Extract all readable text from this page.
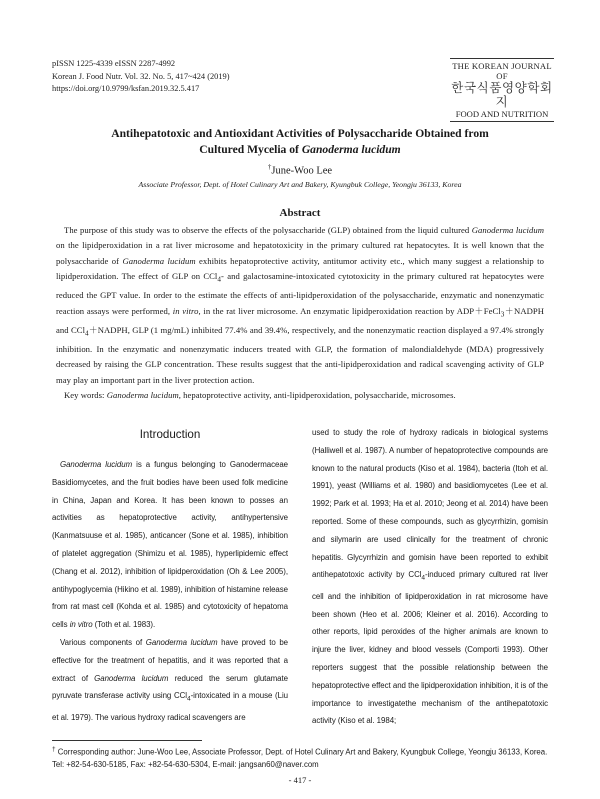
pISSN 1225-4339 eISSN 2287-4992
Korean J. Food Nutr. Vol. 32. No. 5, 417~424 (2019)
https://doi.org/10.9799/ksfan.2019.32.5.417
THE KOREAN JOURNAL OF
한국식품영양학회지
FOOD AND NUTRITION
Antihepatotoxic and Antioxidant Activities of Polysaccharide Obtained from
Cultured Mycelia of Ganoderma lucidum
†June-Woo Lee
Associate Professor, Dept. of Hotel Culinary Art and Bakery, Kyungbuk College, Yeongju 36133, Korea
Abstract

The purpose of this study was to observe the effects of the polysaccharide (GLP) obtained from the liquid cultured Ganoderma lucidum on the lipidperoxidation in a rat liver microsome and hepatotoxicity in the primary cultured rat hepatocytes. It is well known that the polysaccharide of Ganoderma lucidum exhibits hepatoprotective activity, antitumor activity etc., which many suggest a relationship to lipidperoxidation. The effect of GLP on CCl$_4$- and galactosamine-intoxicated cytotoxicity in the primary cultured rat hepatocytes were reduced the GPT value. In order to the estimate the effects of anti-lipidperoxidation of the polysaccharide, enzymatic and nonenzymatic reaction assays were performed, in vitro, in the rat liver microsome. An enzymatic lipidperoxidation reaction by ADP＋FeCl$_3$＋NADPH and CCl$_4$＋NADPH, GLP (1 mg/mL) inhibited 77.4% and 39.4%, respectively, and the nonenzymatic reaction displayed a 97.4% strongly inhibition. In the enzymatic and nonenzymatic inducers treated with GLP, the formation of malondialdehyde (MDA) progressively decreased by raising the GLP concentration. These results suggest that the anti-lipidperoxidation and radical scavenging activity of GLP may play an important part in the liver protection action.

Key words: Ganoderma lucidum, hepatoprotective activity, anti-lipidperoxidation, polysaccharide, microsomes.

Introduction

Ganoderma lucidum is a fungus belonging to Ganodermaceae Basidiomycetes, and the fruit bodies have been used folk medicine in China, Japan and Korea. It has been known to posses an activities as hepatoprotective activity, antihypertensive (Kanmatsuuse et al. 1985), anticancer (Sone et al. 1985), inhibition of platelet aggregation (Shimizu et al. 1985), hyperlipidemic effect (Chang et al. 2012), inhibition of lipidperoxidation (Oh & Lee 2005), antihypoglycemia (Hikino et al. 1989), inhibition of histamine release from rat mast cell (Kohda et al. 1985) and cytotoxicity of hepatoma cells in vitro (Toth et al. 1983).

Various components of Ganoderma lucidum have proved to be effective for the treatment of hepatitis, and it was reported that a extract of Ganoderma lucidum reduced the serum glutamate pyruvate transferase activity using CCl$_4$-intoxicated in a mouse (Liu et al. 1979). The various hydroxy radical scavengers are

used to study the role of hydroxy radicals in biological systems (Halliwell et al. 1987). A number of hepatoprotective compounds are known to the natural products (Kiso et al. 1984), bacteria (Itoh et al. 1991), yeast (Williams et al. 1980) and basidiomycetes (Lee et al. 1992; Park et al. 1993; Ha et al. 2010; Jeong et al. 2014) have been reported. Some of these compounds, such as glycyrrhizin, gomisin and silymarin are used clinically for the treatment of chronic hepatitis. Glycyrrhizin and gomisin have been reported to exhibit antihepatotoxic activity by CCl$_4$-induced primary cultured rat liver cell and the inhibition of lipidperoxidation in rat microsome have been shown (Heo et al. 2006; Kleiner et al. 2016). According to other reports, lipid peroxides of the higher animals are known to injure the liver, kidney and blood vessels (Comporti 1993). Other reporters suggest that the possible relationship between the hepatoprotective effect and the lipidperoxidation inhibition, it is of the importance to investigatethe mechanism of the antihepatotoxic activity (Kiso et al. 1984;

† Corresponding author: June-Woo Lee, Associate Professor, Dept. of Hotel Culinary Art and Bakery, Kyungbuk College, Yeongju 36133, Korea. Tel: +82-54-630-5185, Fax: +82-54-630-5304, E-mail: jangsan60@naver.com

- 417 -
